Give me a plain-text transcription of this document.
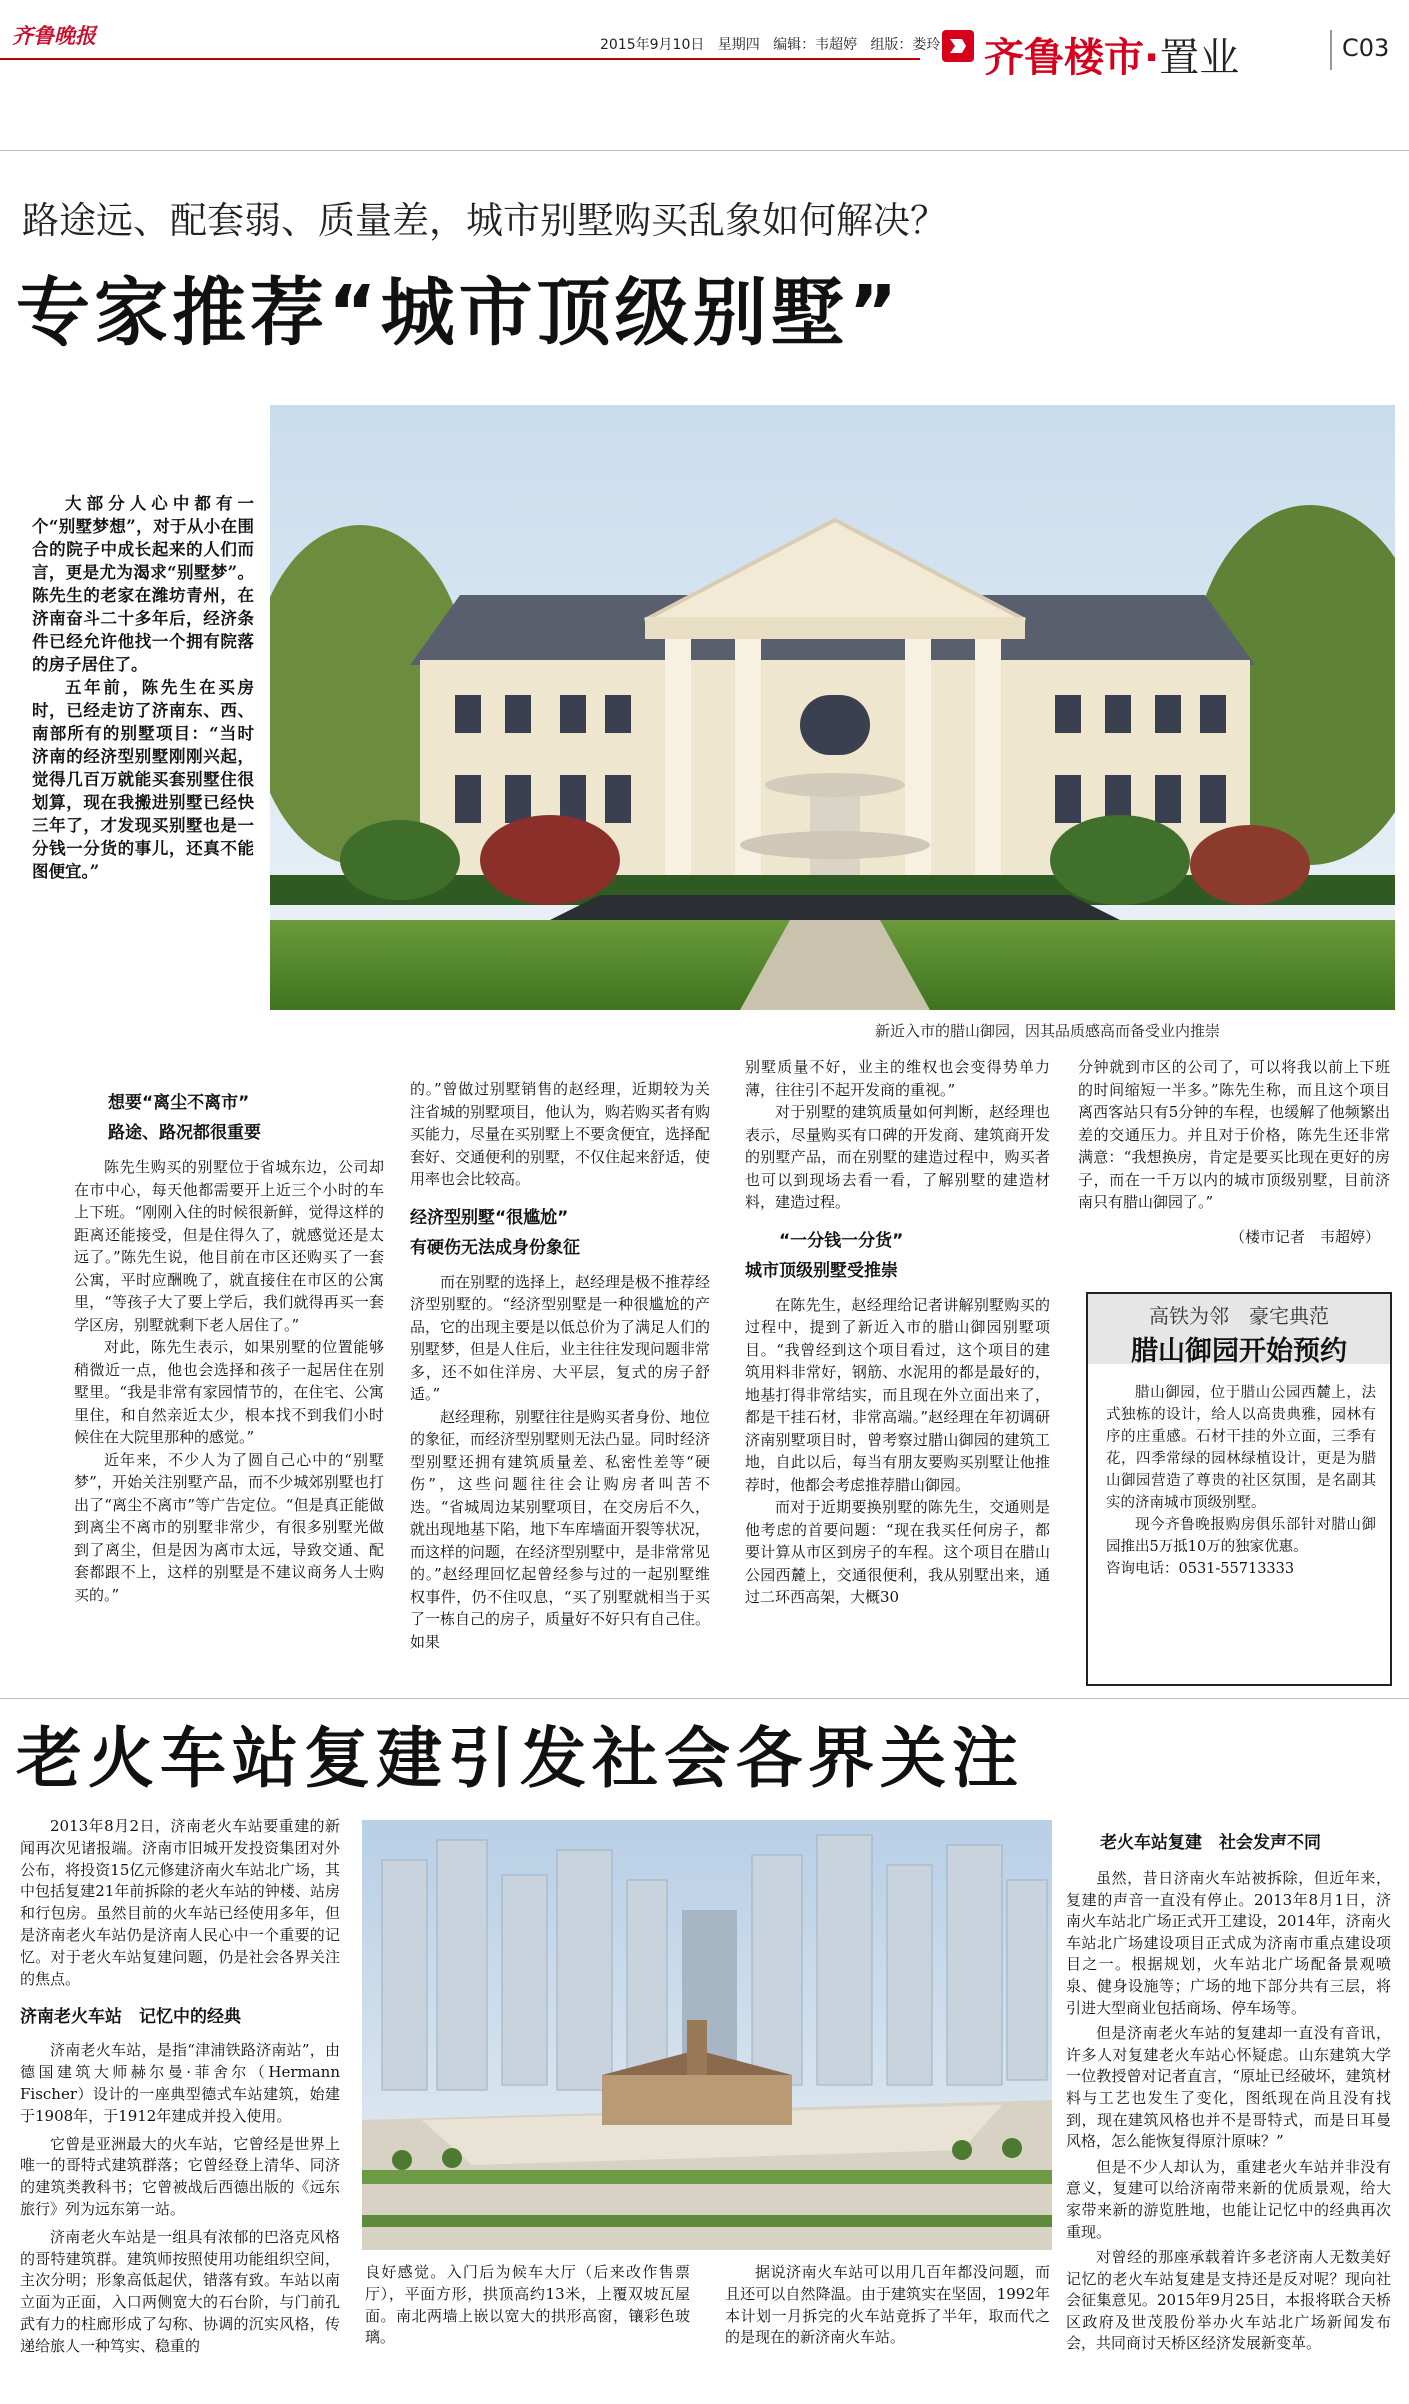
齐鲁晚报	2015年9月10日 星期四 编辑：韦超婷 组版：娄玲 齐鲁楼市·置业	C03
路途远、配套弱、质量差，城市别墅购买乱象如何解决？
专家推荐“城市顶级别墅”
新近入市的腊山御园，因其品质感高而备受业内推崇

大部分人心中都有一个“别墅梦想”，对于从小在围合的院子中成长起来的人们而言，更是尤为渴求“别墅梦”。陈先生的老家在潍坊青州，在济南奋斗二十多年后，经济条件已经允许他找一个拥有院落的房子居住了。

五年前，陈先生在买房时，已经走访了济南东、西、南部所有的别墅项目：“当时济南的经济型别墅刚刚兴起，觉得几百万就能买套别墅住很划算，现在我搬进别墅已经快三年了，才发现买别墅也是一分钱一分货的事儿，还真不能图便宜。”

想要“离尘不离市”
路途、路况都很重要

陈先生购买的别墅位于省城东边，公司却在市中心，每天他都需要开上近三个小时的车上下班。“刚刚入住的时候很新鲜，觉得这样的距离还能接受，但是住得久了，就感觉还是太远了。”陈先生说，他目前在市区还购买了一套公寓，平时应酬晚了，就直接住在市区的公寓里，“等孩子大了要上学后，我们就得再买一套学区房，别墅就剩下老人居住了。”

对此，陈先生表示，如果别墅的位置能够稍微近一点，他也会选择和孩子一起居住在别墅里。“我是非常有家园情节的，在住宅、公寓里住，和自然亲近太少，根本找不到我们小时候住在大院里那种的感觉。”

近年来，不少人为了圆自己心中的“别墅梦”，开始关注别墅产品，而不少城郊别墅也打出了“离尘不离市”等广告定位。“但是真正能做到离尘不离市的别墅非常少，有很多别墅光做到了离尘，但是因为离市太远，导致交通、配套都跟不上，这样的别墅是不建议商务人士购买的。”

的。”曾做过别墅销售的赵经理，近期较为关注省城的别墅项目，他认为，购若购买者有购买能力，尽量在买别墅上不要贪便宜，选择配套好、交通便利的别墅，不仅住起来舒适，使用率也会比较高。

经济型别墅“很尴尬”
有硬伤无法成身份象征

而在别墅的选择上，赵经理是极不推荐经济型别墅的。“经济型别墅是一种很尴尬的产品，它的出现主要是以低总价为了满足人们的别墅梦，但是人住后，业主往往发现问题非常多，还不如住洋房、大平层，复式的房子舒适。”

赵经理称，别墅往往是购买者身份、地位的象征，而经济型别墅则无法凸显。同时经济型别墅还拥有建筑质量差、私密性差等“硬伤”，这些问题往往会让购房者叫苦不迭。“省城周边某别墅项目，在交房后不久，就出现地基下陷，地下车库墙面开裂等状况，而这样的问题，在经济型别墅中，是非常常见的。”赵经理回忆起曾经参与过的一起别墅维权事件，仍不住叹息，“买了别墅就相当于买了一栋自己的房子，质量好不好只有自己住。如果

别墅质量不好，业主的维权也会变得势单力薄，往往引不起开发商的重视。”

对于别墅的建筑质量如何判断，赵经理也表示，尽量购买有口碑的开发商、建筑商开发的别墅产品，而在别墅的建造过程中，购买者也可以到现场去看一看，了解别墅的建造材料，建造过程。

“一分钱一分货”
城市顶级别墅受推崇

在陈先生，赵经理给记者讲解别墅购买的过程中，提到了新近入市的腊山御园别墅项目。“我曾经到这个项目看过，这个项目的建筑用料非常好，钢筋、水泥用的都是最好的，地基打得非常结实，而且现在外立面出来了，都是干挂石材，非常高端。”赵经理在年初调研济南别墅项目时，曾考察过腊山御园的建筑工地，自此以后，每当有朋友要购买别墅让他推荐时，他都会考虑推荐腊山御园。

而对于近期要换别墅的陈先生，交通则是他考虑的首要问题：“现在我买任何房子，都要计算从市区到房子的车程。这个项目在腊山公园西麓上，交通很便利，我从别墅出来，通过二环西高架，大概30

分钟就到市区的公司了，可以将我以前上下班的时间缩短一半多。”陈先生称，而且这个项目离西客站只有5分钟的车程，也缓解了他频繁出差的交通压力。并且对于价格，陈先生还非常满意：“我想换房，肯定是要买比现在更好的房子，而在一千万以内的城市顶级别墅，目前济南只有腊山御园了。”

（楼市记者　韦超婷）
高铁为邻　豪宅典范
腊山御园开始预约

腊山御园，位于腊山公园西麓上，法式独栋的设计，给人以高贵典雅，园林有序的庄重感。石材干挂的外立面，三季有花，四季常绿的园林绿植设计，更是为腊山御园营造了尊贵的社区氛围，是名副其实的济南城市顶级别墅。

现今齐鲁晚报购房俱乐部针对腊山御园推出5万抵10万的独家优惠。

咨询电话：0531-55713333

老火车站复建引发社会各界关注

2013年8月2日，济南老火车站要重建的新闻再次见诸报端。济南市旧城开发投资集团对外公布，将投资15亿元修建济南火车站北广场，其中包括复建21年前拆除的老火车站的钟楼、站房和行包房。虽然目前的火车站已经使用多年，但是济南老火车站仍是济南人民心中一个重要的记忆。对于老火车站复建问题，仍是社会各界关注的焦点。

济南老火车站　记忆中的经典

济南老火车站，是指“津浦铁路济南站”，由德国建筑大师赫尔曼·菲舍尔（Hermann Fischer）设计的一座典型德式车站建筑，始建于1908年，于1912年建成并投入使用。

它曾是亚洲最大的火车站，它曾经是世界上唯一的哥特式建筑群落；它曾经登上清华、同济的建筑类教科书；它曾被战后西德出版的《远东旅行》列为远东第一站。

济南老火车站是一组具有浓郁的巴洛克风格的哥特建筑群。建筑师按照使用功能组织空间，主次分明；形象高低起伏，错落有致。车站以南立面为正面，入口两侧宽大的石台阶，与门前孔武有力的柱廊形成了勾称、协调的沉实风格，传递给旅人一种笃实、稳重的

良好感觉。入门后为候车大厅（后来改作售票厅），平面方形，拱顶高约13米，上覆双坡瓦屋面。南北两墙上嵌以宽大的拱形高窗，镶彩色玻璃。

据说济南火车站可以用几百年都没问题，而且还可以自然降温。由于建筑实在坚固，1992年本计划一月拆完的火车站竟拆了半年，取而代之的是现在的新济南火车站。

老火车站复建　社会发声不同

虽然，昔日济南火车站被拆除，但近年来，复建的声音一直没有停止。2013年8月1日，济南火车站北广场正式开工建设，2014年，济南火车站北广场建设项目正式成为济南市重点建设项目之一。根据规划，火车站北广场配备景观喷泉、健身设施等；广场的地下部分共有三层，将引进大型商业包括商场、停车场等。

但是济南老火车站的复建却一直没有音讯，许多人对复建老火车站心怀疑虑。山东建筑大学一位教授曾对记者直言，“原址已经破坏，建筑材料与工艺也发生了变化，图纸现在尚且没有找到，现在建筑风格也并不是哥特式，而是日耳曼风格，怎么能恢复得原汁原味？”

但是不少人却认为，重建老火车站并非没有意义，复建可以给济南带来新的优质景观，给大家带来新的游览胜地，也能让记忆中的经典再次重现。

对曾经的那座承载着许多老济南人无数美好记忆的老火车站复建是支持还是反对呢？现向社会征集意见。2015年9月25日，本报将联合天桥区政府及世茂股份举办火车站北广场新闻发布会，共同商讨天桥区经济发展新变革。
